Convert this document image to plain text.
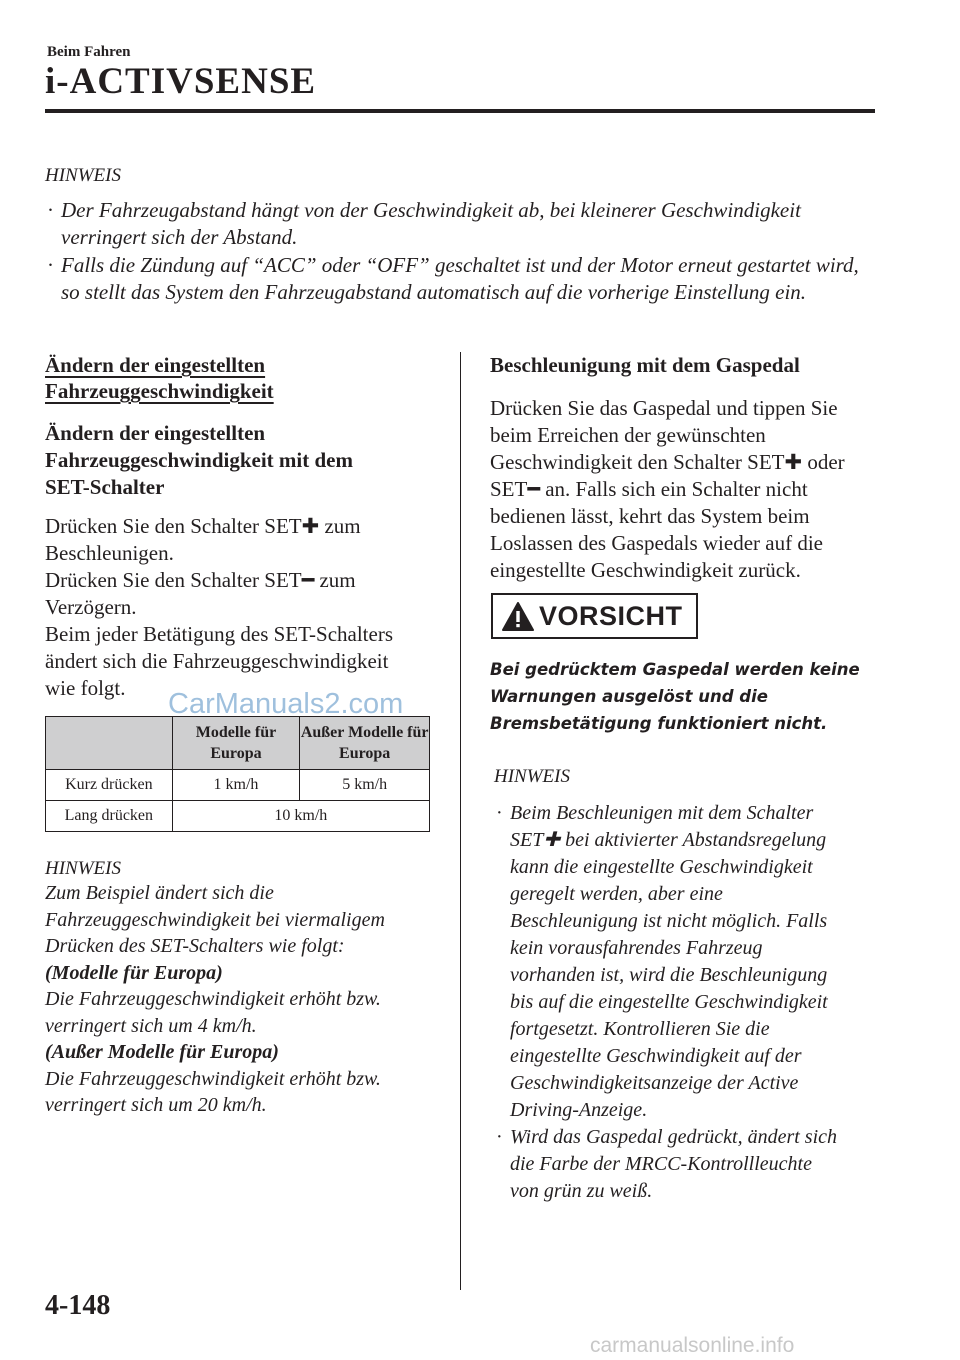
Beim Fahren
i-ACTIVSENSE
HINWEIS
· Der Fahrzeugabstand hängt von der Geschwindigkeit ab, bei kleinerer Geschwindigkeit verringert sich der Abstand.
· Falls die Zündung auf “ACC” oder “OFF” geschaltet ist und der Motor erneut gestartet wird, so stellt das System den Fahrzeugabstand automatisch auf die vorherige Einstellung ein.
Ändern der eingestellten
Fahrzeuggeschwindigkeit
Ändern der eingestellten
Fahrzeuggeschwindigkeit mit dem
SET-Schalter
Drücken Sie den Schalter SET✚ zum
Beschleunigen.
Drücken Sie den Schalter SET━ zum
Verzögern.
Beim jeder Betätigung des SET-Schalters
ändert sich die Fahrzeuggeschwindigkeit
wie folgt.
	Modelle für Europa	Außer Modelle für Europa
Kurz drücken	1 km/h	5 km/h
Lang drücken	10 km/h	
HINWEIS
Zum Beispiel ändert sich die
Fahrzeuggeschwindigkeit bei viermaligem
Drücken des SET-Schalters wie folgt:
(Modelle für Europa)
Die Fahrzeuggeschwindigkeit erhöht bzw.
verringert sich um 4 km/h.
(Außer Modelle für Europa)
Die Fahrzeuggeschwindigkeit erhöht bzw.
verringert sich um 20 km/h.
CarManuals2.com
Beschleunigung mit dem Gaspedal
Drücken Sie das Gaspedal und tippen Sie
beim Erreichen der gewünschten
Geschwindigkeit den Schalter SET✚ oder
SET━ an. Falls sich ein Schalter nicht
bedienen lässt, kehrt das System beim
Loslassen des Gaspedals wieder auf die
eingestellte Geschwindigkeit zurück.
VORSICHT
Bei gedrücktem Gaspedal werden keine
Warnungen ausgelöst und die
Bremsbetätigung funktioniert nicht.
HINWEIS
· Beim Beschleunigen mit dem Schalter
SET✚ bei aktivierter Abstandsregelung
kann die eingestellte Geschwindigkeit
geregelt werden, aber eine
Beschleunigung ist nicht möglich. Falls
kein vorausfahrendes Fahrzeug
vorhanden ist, wird die Beschleunigung
bis auf die eingestellte Geschwindigkeit
fortgesetzt. Kontrollieren Sie die
eingestellte Geschwindigkeit auf der
Geschwindigkeitsanzeige der Active
Driving-Anzeige.
· Wird das Gaspedal gedrückt, ändert sich
die Farbe der MRCC-Kontrollleuchte
von grün zu weiß.
4-148
carmanualsonline.info
